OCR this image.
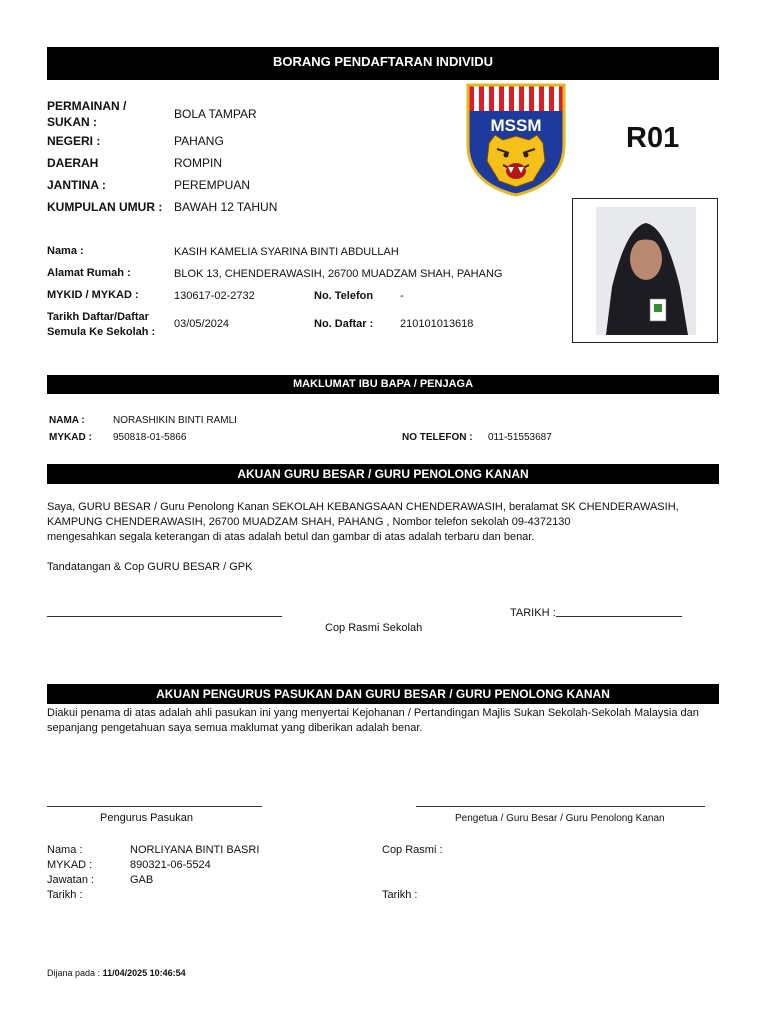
BORANG PENDAFTARAN INDIVIDU
PERMAINAN /
SUKAN :
BOLA TAMPAR
NEGERI :	PAHANG
DAERAH	ROMPIN
JANTINA :	PEREMPUAN
KUMPULAN UMUR : BAWAH 12 TAHUN
MSSM	R01
Nama :	KASIH KAMELIA SYARINA BINTI ABDULLAH
Alamat Rumah :	BLOK 13, CHENDERAWASIH, 26700 MUADZAM SHAH, PAHANG
MYKID / MYKAD :	130617-02-2732	No. Telefon -
Tarikh Daftar/Daftar
Semula Ke Sekolah :
03/05/2024	No. Daftar : 210101013618
MAKLUMAT IBU BAPA / PENJAGA
NAMA :	NORASHIKIN BINTI RAMLI
MYKAD : 950818-01-5866	NO TELEFON : 011-51553687
AKUAN GURU BESAR / GURU PENOLONG KANAN
Saya, GURU BESAR / Guru Penolong Kanan SEKOLAH KEBANGSAAN CHENDERAWASIH, beralamat SK CHENDERAWASIH,
KAMPUNG CHENDERAWASIH, 26700 MUADZAM SHAH, PAHANG , Nombor telefon sekolah 09-4372130
mengesahkan segala keterangan di atas adalah betul dan gambar di atas adalah terbaru dan benar.
Tandatangan & Cop GURU BESAR / GPK
TARIKH :
Cop Rasmi Sekolah
AKUAN PENGURUS PASUKAN DAN GURU BESAR / GURU PENOLONG KANAN
Diakui penama di atas adalah ahli pasukan ini yang menyertai Kejohanan / Pertandingan Majlis Sukan Sekolah-Sekolah Malaysia dan
sepanjang pengetahuan saya semua maklumat yang diberikan adalah benar.
Pengurus Pasukan	Pengetua / Guru Besar / Guru Penolong Kanan
Nama :	NORLIYANA BINTI BASRI
MYKAD :	890321-06-5524
Jawatan :	GAB
Tarikh :
Cop Rasmi :
Tarikh :
Dijana pada : 11/04/2025 10:46:54
